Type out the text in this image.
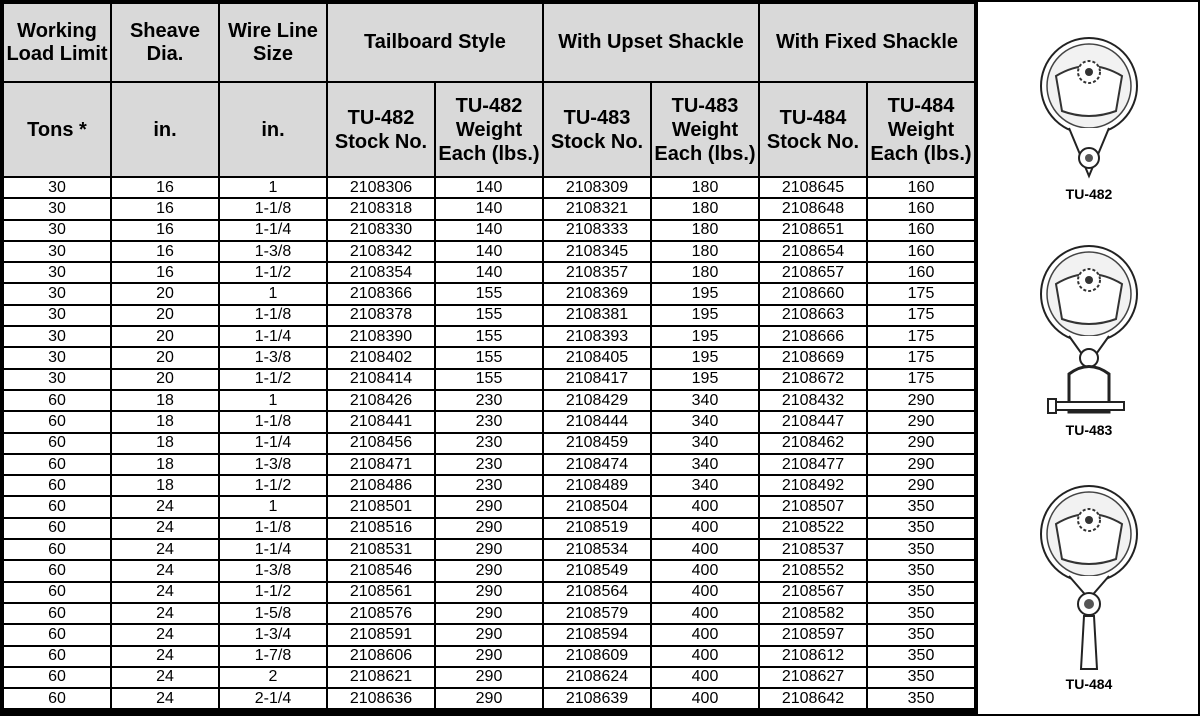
Working Load Limit	Sheave Dia.	Wire Line Size	Tailboard Style		With Upset Shackle		With Fixed Shackle	
Tons *	in.	in.	TU-482 Stock No.	TU-482 Weight Each (lbs.)	TU-483 Stock No.	TU-483 Weight Each (lbs.)	TU-484 Stock No.	TU-484 Weight Each (lbs.)
30	16	1	2108306	140	2108309	180	2108645	160
30	16	1-1/8	2108318	140	2108321	180	2108648	160
30	16	1-1/4	2108330	140	2108333	180	2108651	160
30	16	1-3/8	2108342	140	2108345	180	2108654	160
30	16	1-1/2	2108354	140	2108357	180	2108657	160
30	20	1	2108366	155	2108369	195	2108660	175
30	20	1-1/8	2108378	155	2108381	195	2108663	175
30	20	1-1/4	2108390	155	2108393	195	2108666	175
30	20	1-3/8	2108402	155	2108405	195	2108669	175
30	20	1-1/2	2108414	155	2108417	195	2108672	175
60	18	1	2108426	230	2108429	340	2108432	290
60	18	1-1/8	2108441	230	2108444	340	2108447	290
60	18	1-1/4	2108456	230	2108459	340	2108462	290
60	18	1-3/8	2108471	230	2108474	340	2108477	290
60	18	1-1/2	2108486	230	2108489	340	2108492	290
60	24	1	2108501	290	2108504	400	2108507	350
60	24	1-1/8	2108516	290	2108519	400	2108522	350
60	24	1-1/4	2108531	290	2108534	400	2108537	350
60	24	1-3/8	2108546	290	2108549	400	2108552	350
60	24	1-1/2	2108561	290	2108564	400	2108567	350
60	24	1-5/8	2108576	290	2108579	400	2108582	350
60	24	1-3/4	2108591	290	2108594	400	2108597	350
60	24	1-7/8	2108606	290	2108609	400	2108612	350
60	24	2	2108621	290	2108624	400	2108627	350
60	24	2-1/4	2108636	290	2108639	400	2108642	350
TU-482
TU-483
TU-484
